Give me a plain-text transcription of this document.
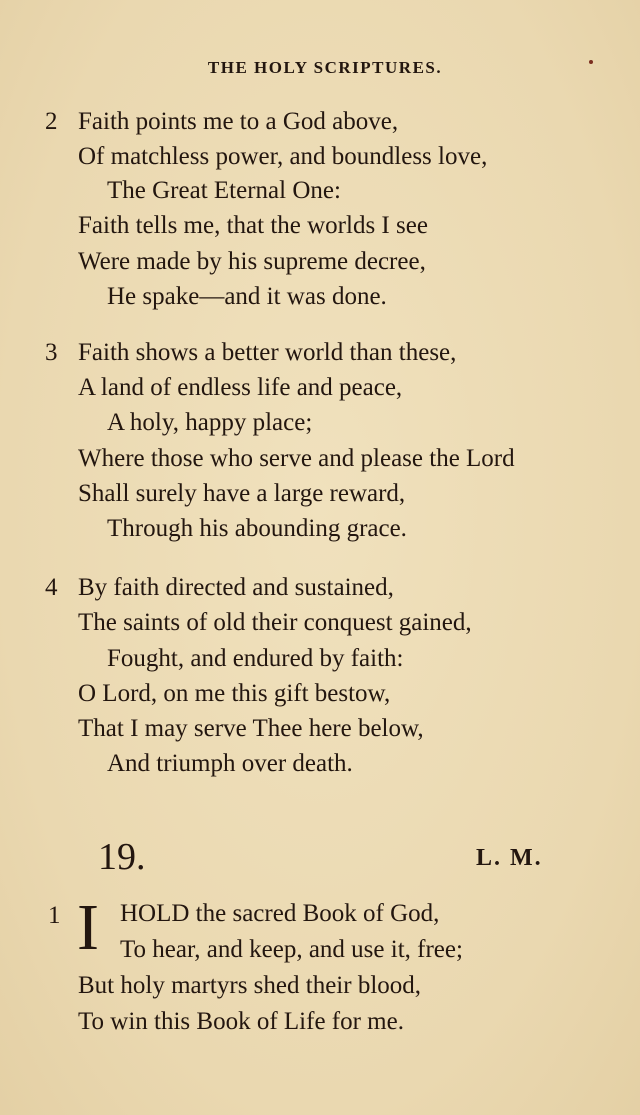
THE HOLY SCRIPTURES.
2 Faith points me to a God above,
Of matchless power, and boundless love,
The Great Eternal One:
Faith tells me, that the worlds I see
Were made by his supreme decree,
He spake—and it was done.
3 Faith shows a better world than these,
A land of endless life and peace,
A holy, happy place;
Where those who serve and please the Lord
Shall surely have a large reward,
Through his abounding grace.
4 By faith directed and sustained,
The saints of old their conquest gained,
Fought, and endured by faith:
O Lord, on me this gift bestow,
That I may serve Thee here below,
And triumph over death.
19.	L. M.
1 I HOLD the sacred Book of God,
To hear, and keep, and use it, free;
But holy martyrs shed their blood,
To win this Book of Life for me.
